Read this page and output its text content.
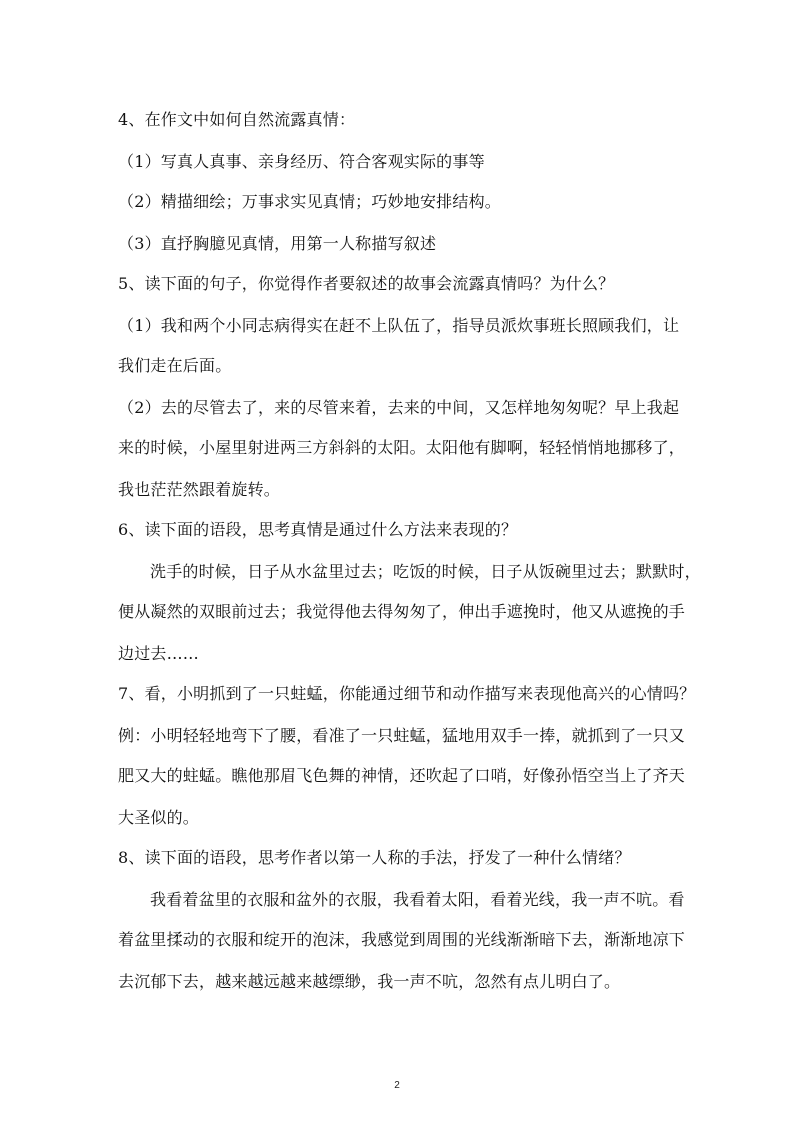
4、在作文中如何自然流露真情：
（1）写真人真事、亲身经历、符合客观实际的事等
（2）精描细绘；万事求实见真情；巧妙地安排结构。
（3）直抒胸臆见真情，用第一人称描写叙述
5、读下面的句子，你觉得作者要叙述的故事会流露真情吗？为什么？
（1）我和两个小同志病得实在赶不上队伍了，指导员派炊事班长照顾我们，让
我们走在后面。
（2）去的尽管去了，来的尽管来着，去来的中间，又怎样地匆匆呢？早上我起
来的时候，小屋里射进两三方斜斜的太阳。太阳他有脚啊，轻轻悄悄地挪移了，
我也茫茫然跟着旋转。
6、读下面的语段，思考真情是通过什么方法来表现的？
洗手的时候，日子从水盆里过去；吃饭的时候，日子从饭碗里过去；默默时，
便从凝然的双眼前过去；我觉得他去得匆匆了，伸出手遮挽时，他又从遮挽的手
边过去……
7、看，小明抓到了一只蛀蜢，你能通过细节和动作描写来表现他高兴的心情吗？
例：小明轻轻地弯下了腰，看准了一只蛀蜢，猛地用双手一捧，就抓到了一只又
肥又大的蛀蜢。瞧他那眉飞色舞的神情，还吹起了口哨，好像孙悟空当上了齐天
大圣似的。
8、读下面的语段，思考作者以第一人称的手法，抒发了一种什么情绪？
我看着盆里的衣服和盆外的衣服，我看着太阳，看着光线，我一声不吭。看
着盆里揉动的衣服和绽开的泡沫，我感觉到周围的光线渐渐暗下去，渐渐地凉下
去沉郁下去，越来越远越来越缥缈，我一声不吭，忽然有点儿明白了。
2
